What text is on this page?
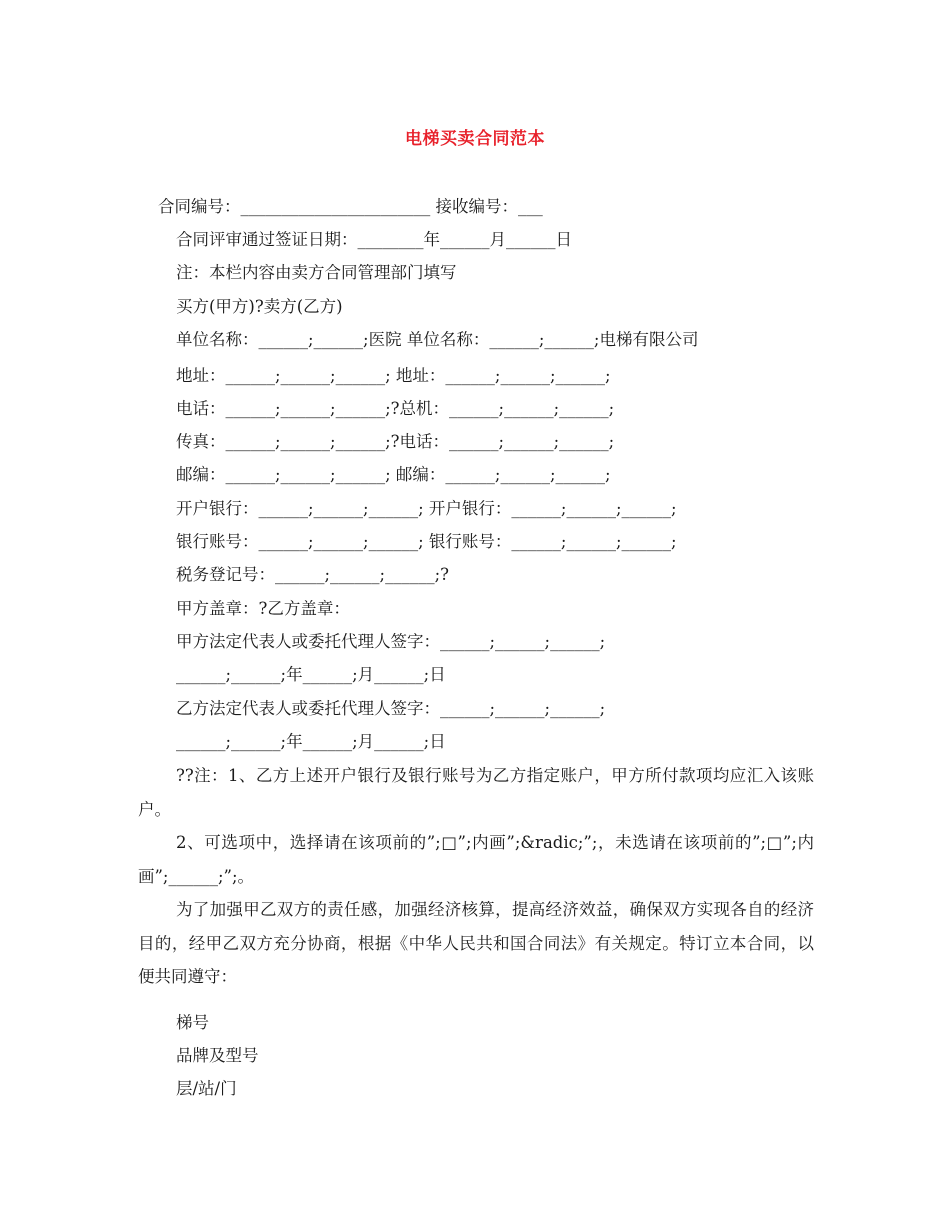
电梯买卖合同范本
合同编号：_______________________ 接收编号：___
合同评审通过签证日期：________年______月______日
注：本栏内容由卖方合同管理部门填写
买方(甲方)?卖方(乙方)
单位名称：______;______;医院 单位名称：______;______;电梯有限公司
地址：______;______;______; 地址：______;______;______;
电话：______;______;______;?总机：______;______;______;
传真：______;______;______;?电话：______;______;______;
邮编：______;______;______; 邮编：______;______;______;
开户银行：______;______;______; 开户银行：______;______;______;
银行账号：______;______;______; 银行账号：______;______;______;
税务登记号：______;______;______;?
甲方盖章：?乙方盖章：
甲方法定代表人或委托代理人签字：______;______;______;
______;______;年______;月______;日
乙方法定代表人或委托代理人签字：______;______;______;
______;______;年______;月______;日
??注：1、乙方上述开户银行及银行账号为乙方指定账户，甲方所付款项均应汇入该账户。
2、可选项中，选择请在该项前的”;□”;内画”;&radic;”;，未选请在该项前的”;□”;内画”;______;”;。
为了加强甲乙双方的责任感，加强经济核算，提高经济效益，确保双方实现各自的经济目的，经甲乙双方充分协商，根据《中华人民共和国合同法》有关规定。特订立本合同，以便共同遵守：
梯号
品牌及型号
层/站/门
